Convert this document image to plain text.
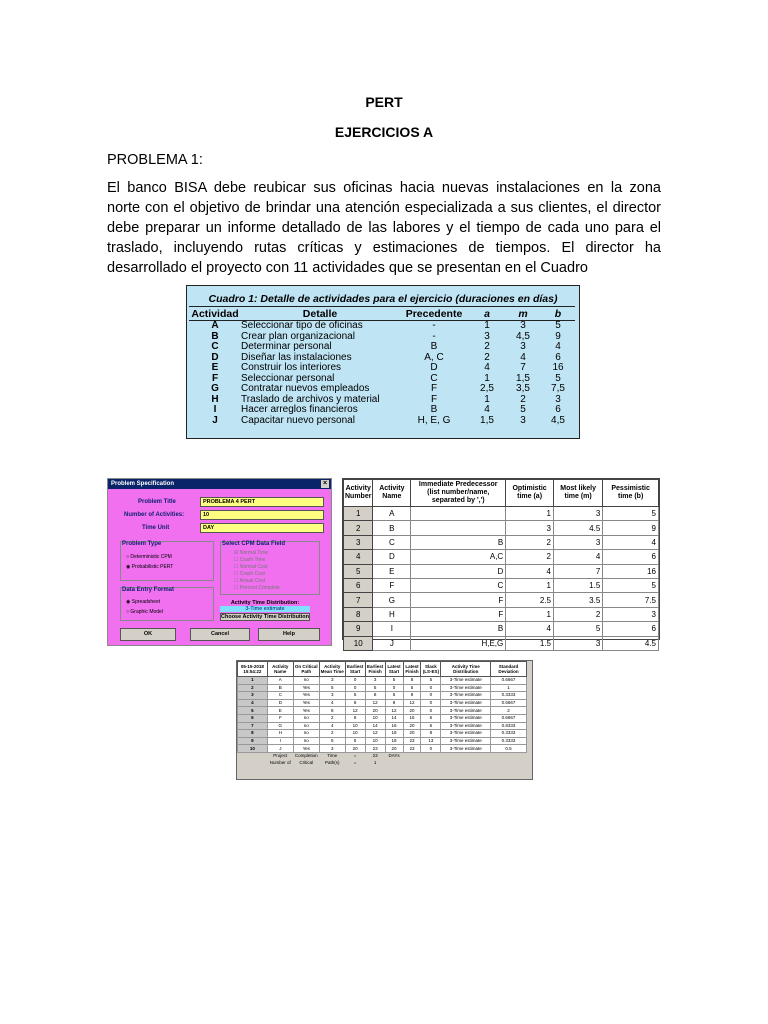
PERT
EJERCICIOS A
PROBLEMA 1:
El banco BISA debe reubicar sus oficinas hacia nuevas instalaciones en la zona
norte con el objetivo de brindar una atención especializada a sus clientes, el director
debe preparar un informe detallado de las labores y el tiempo de cada uno para el
traslado, incluyendo rutas críticas y estimaciones de tiempos. El director ha
desarrollado el proyecto con 11 actividades que se presentan en el Cuadro
Cuadro 1: Detalle de actividades para el ejercicio (duraciones en días)
Actividad	Detalle	Precedente	a	m	b
A	Seleccionar tipo de oficinas	-	1	3	5
B	Crear plan organizacional	-	3	4,5	9
C	Determinar personal	B	2	3	4
D	Diseñar las instalaciones	A, C	2	4	6
E	Construir los interiores	D	4	7	16
F	Seleccionar personal	C	1	1,5	5
G	Contratar nuevos empleados	F	2,5	3,5	7,5
H	Traslado de archivos y material	F	1	2	3
I	Hacer arreglos financieros	B	4	5	6
J	Capacitar nuevo personal	H, E, G	1,5	3	4,5
Problem Specification	×
Problem Title	PROBLEMA 4 PERT
Number of Activities:	10
Time Unit	DAY
Problem Type
○ Deterministic CPM
◉ Probabilistic PERT
Select CPM Data Field
☒ Normal Time
☐ Crash Time
☐ Normal Cost
☐ Crash Cost
☐ Actual Cost
☐ Percent Complete
Data Entry Format
◉ Spreadsheet
○ Graphic Model
Activity Time Distribution:
3-Time estimate
Choose Activity Time Distribution
OK	Cancel	Help
Activity Number	Activity Name	Immediate Predecessor (list number/name, separated by ',')	Optimistic time (a)	Most likely time (m)	Pessimistic time (b)
1	A		1	3	5
2	B		3	4.5	9
3	C	B	2	3	4
4	D	A,C	2	4	6
5	E	D	4	7	16
6	F	C	1	1.5	5
7	G	F	2.5	3.5	7.5
8	H	F	1	2	3
9	I	B	4	5	6
10	J	H,E,G	1.5	3	4.5
05-15-2018 15:54:22	Activity Name	On Critical Path	Activity Mean Time	Earliest Start	Earliest Finish	Latest Start	Latest Finish	Slack (LS-ES)	Activity Time Distribution	Standard Deviation
1	A	no	3	0	3	5	8	5	3-Time estimate	0.6667
2	B	Yes	5	0	5	0	5	0	3-Time estimate	1
3	C	Yes	3	5	8	5	8	0	3-Time estimate	0.3333
4	D	Yes	4	8	12	8	12	0	3-Time estimate	0.6667
5	E	Yes	8	12	20	12	20	0	3-Time estimate	2
6	F	no	2	8	10	14	16	6	3-Time estimate	0.6667
7	G	no	4	10	14	16	20	6	3-Time estimate	0.8333
8	H	no	2	10	12	18	20	8	3-Time estimate	0.3333
9	I	no	5	5	10	18	23	13	3-Time estimate	0.3333
10	J	Yes	3	20	23	20	23	0	3-Time estimate	0.5
	Project	Completion	Time	=	23	DAYs				
	Number of	Critical	Path(s)	=	1					
